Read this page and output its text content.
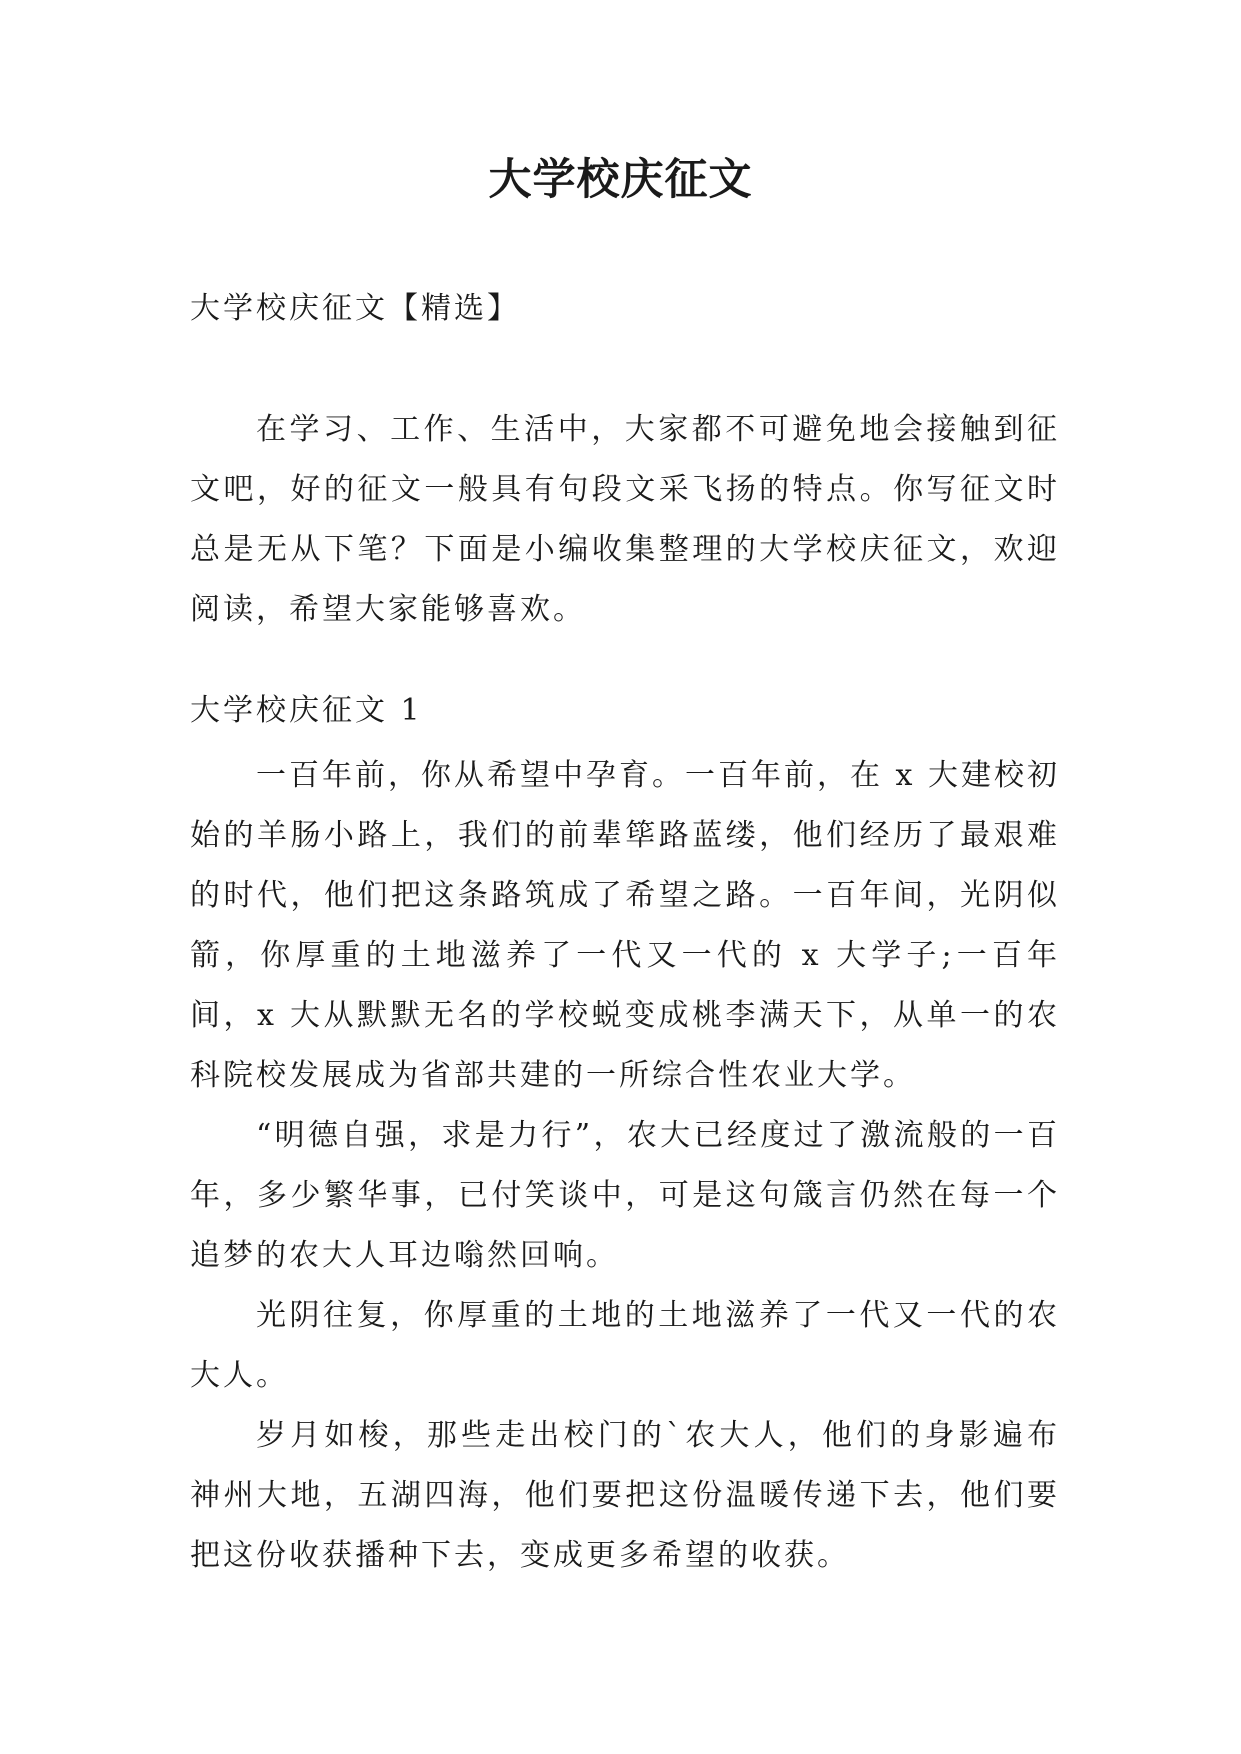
大学校庆征文

大学校庆征文【精选】

在学习、工作、生活中，大家都不可避免地会接触到征文吧，好的征文一般具有句段文采飞扬的特点。你写征文时总是无从下笔？下面是小编收集整理的大学校庆征文，欢迎阅读，希望大家能够喜欢。

大学校庆征文 1

一百年前，你从希望中孕育。一百年前，在 x 大建校初始的羊肠小路上，我们的前辈筚路蓝缕，他们经历了最艰难的时代，他们把这条路筑成了希望之路。一百年间，光阴似箭，你厚重的土地滋养了一代又一代的 x 大学子;一百年间，x 大从默默无名的学校蜕变成桃李满天下，从单一的农科院校发展成为省部共建的一所综合性农业大学。

“明德自强，求是力行”，农大已经度过了激流般的一百年，多少繁华事，已付笑谈中，可是这句箴言仍然在每一个追梦的农大人耳边嗡然回响。

光阴往复，你厚重的土地的土地滋养了一代又一代的农大人。

岁月如梭，那些走出校门的`农大人，他们的身影遍布神州大地，五湖四海，他们要把这份温暖传递下去，他们要把这份收获播种下去，变成更多希望的收获。
